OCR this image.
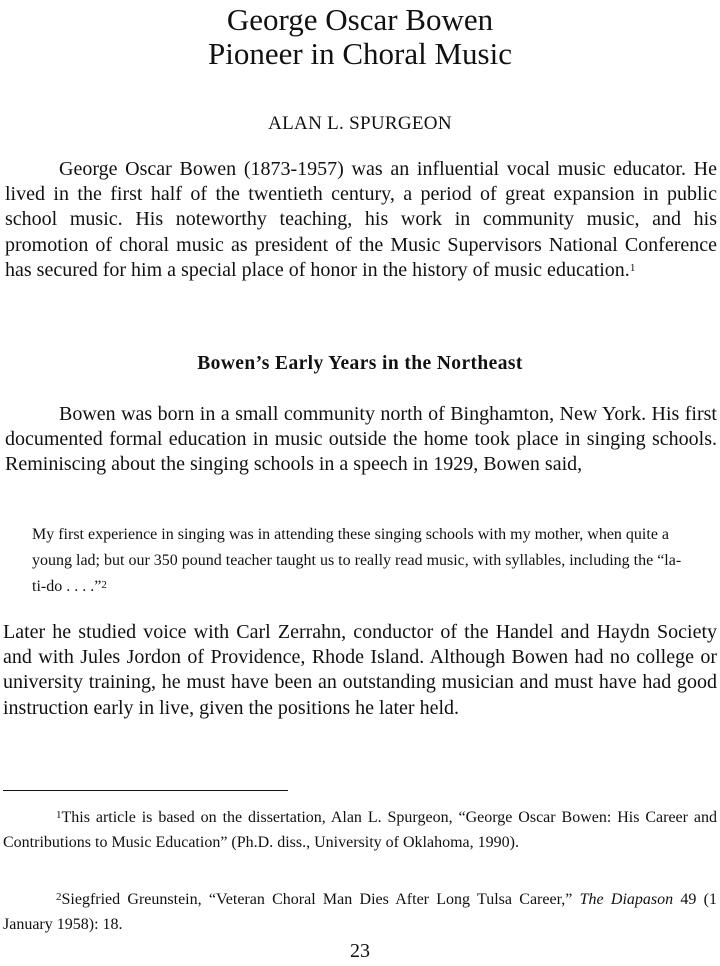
George Oscar Bowen
Pioneer in Choral Music
ALAN L. SPURGEON

George Oscar Bowen (1873-1957) was an influential vocal music educator. He lived in the first half of the twentieth century, a period of great expansion in public school music. His noteworthy teaching, his work in community music, and his promotion of choral music as president of the Music Supervisors National Conference has secured for him a special place of honor in the history of music education.$^1$

Bowen’s Early Years in the Northeast

Bowen was born in a small community north of Binghamton, New York. His first documented formal education in music outside the home took place in singing schools. Reminiscing about the singing schools in a speech in 1929, Bowen said,

My first experience in singing was in attending these singing schools with my mother, when quite a young lad; but our 350 pound teacher taught us to really read music, with syllables, including the “la-ti-do . . . .”$^2$

Later he studied voice with Carl Zerrahn, conductor of the Handel and Haydn Society and with Jules Jordon of Providence, Rhode Island. Although Bowen had no college or university training, he must have been an outstanding musician and must have had good instruction early in live, given the positions he later held.

$^1$This article is based on the dissertation, Alan L. Spurgeon, “George Oscar Bowen: His Career and Contributions to Music Education” (Ph.D. diss., University of Oklahoma, 1990).

$^2$Siegfried Greunstein, “Veteran Choral Man Dies After Long Tulsa Career,” The Diapason 49 (1 January 1958): 18.

23
